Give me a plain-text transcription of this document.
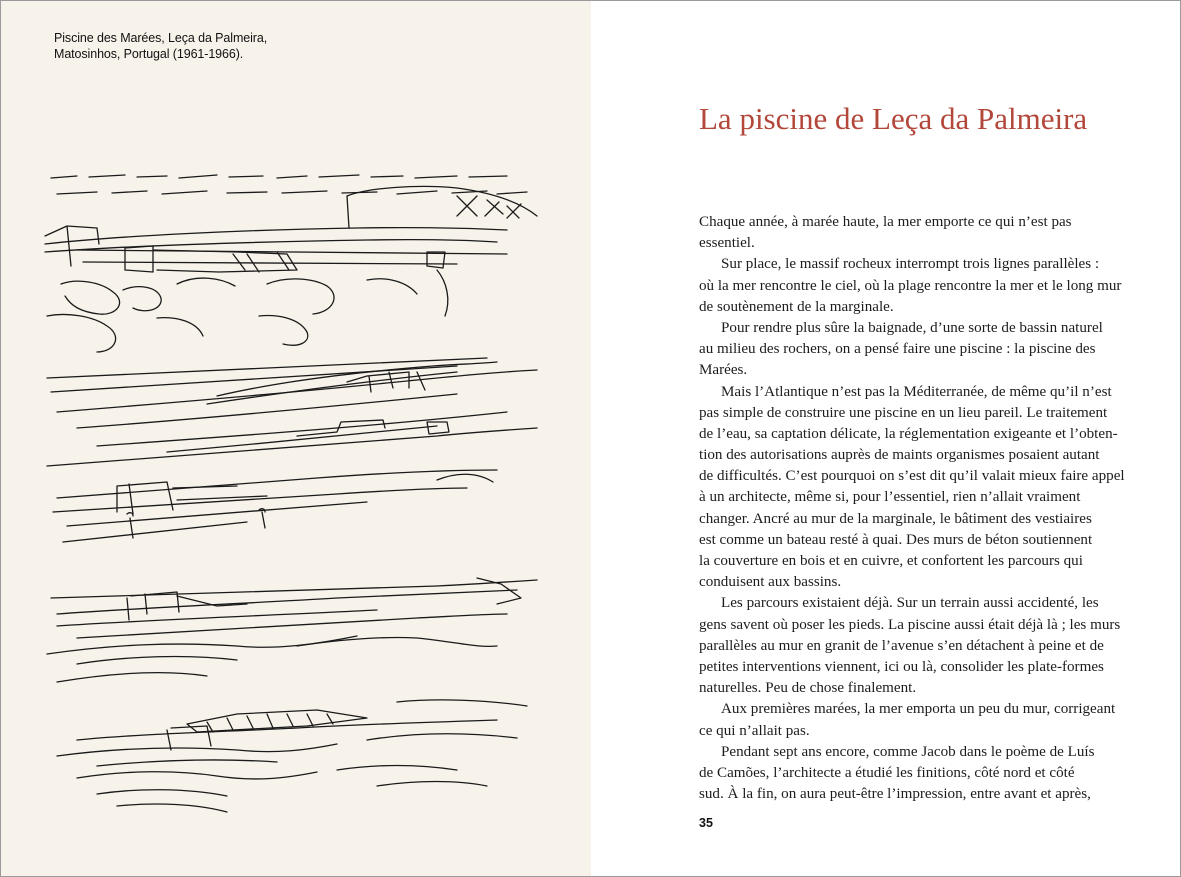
Piscine des Marées, Leça da Palmeira,
Matosinhos, Portugal (1961-1966).
La piscine de Leça da Palmeira
Chaque année, à marée haute, la mer emporte ce qui n’est pas
essentiel.
Sur place, le massif rocheux interrompt trois lignes parallèles :
où la mer rencontre le ciel, où la plage rencontre la mer et le long mur
de soutènement de la marginale.
Pour rendre plus sûre la baignade, d’une sorte de bassin naturel
au milieu des rochers, on a pensé faire une piscine : la piscine des
Marées.
Mais l’Atlantique n’est pas la Méditerranée, de même qu’il n’est
pas simple de construire une piscine en un lieu pareil. Le traitement
de l’eau, sa captation délicate, la réglementation exigeante et l’obten-
tion des autorisations auprès de maints organismes posaient autant
de difficultés. C’est pourquoi on s’est dit qu’il valait mieux faire appel
à un architecte, même si, pour l’essentiel, rien n’allait vraiment
changer. Ancré au mur de la marginale, le bâtiment des vestiaires
est comme un bateau resté à quai. Des murs de béton soutiennent
la couverture en bois et en cuivre, et confortent les parcours qui
conduisent aux bassins.
Les parcours existaient déjà. Sur un terrain aussi accidenté, les
gens savent où poser les pieds. La piscine aussi était déjà là ; les murs
parallèles au mur en granit de l’avenue s’en détachent à peine et de
petites interventions viennent, ici ou là, consolider les plate-formes
naturelles. Peu de chose finalement.
Aux premières marées, la mer emporta un peu du mur, corrigeant
ce qui n’allait pas.
Pendant sept ans encore, comme Jacob dans le poème de Luís
de Camões, l’architecte a étudié les finitions, côté nord et côté
sud. À la fin, on aura peut-être l’impression, entre avant et après,
35
